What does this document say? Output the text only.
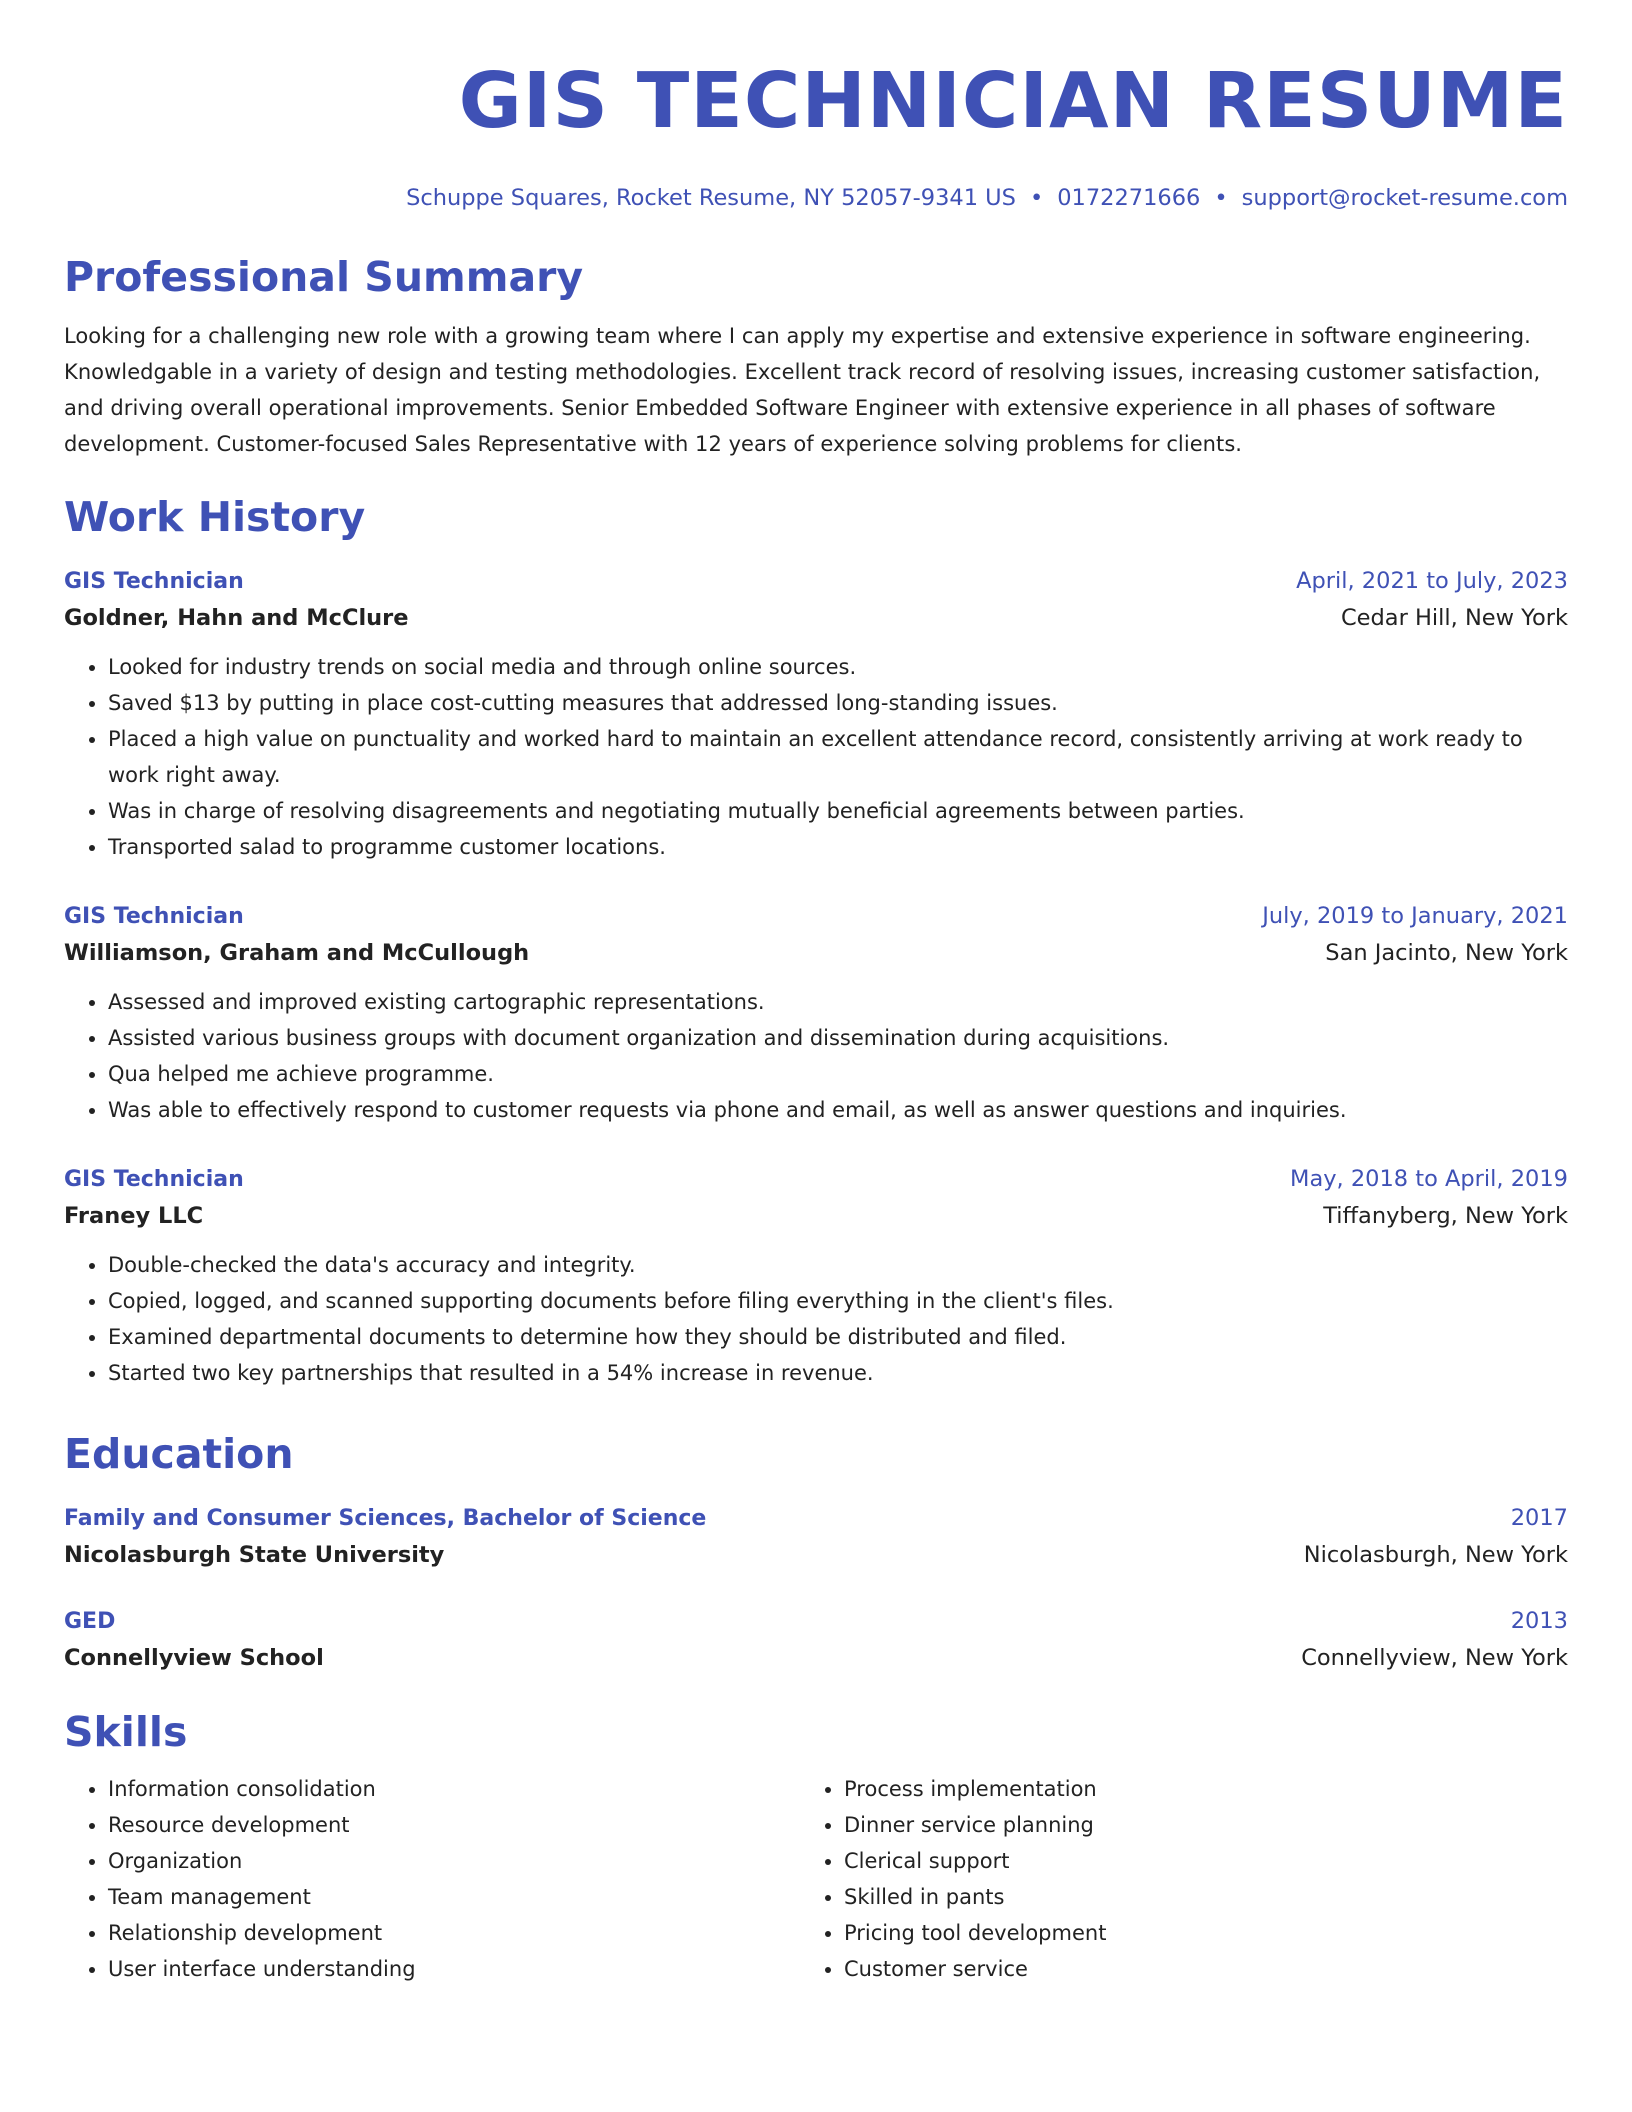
GIS TECHNICIAN RESUME
Schuppe Squares, Rocket Resume, NY 52057-9341 US • 0172271666 • support@rocket-resume.com
Professional Summary
Looking for a challenging new role with a growing team where I can apply my expertise and extensive experience in software engineering. Knowledgable in a variety of design and testing methodologies. Excellent track record of resolving issues, increasing customer satisfaction, and driving overall operational improvements. Senior Embedded Software Engineer with extensive experience in all phases of software development. Customer-focused Sales Representative with 12 years of experience solving problems for clients.
Work History
GIS Technician	April, 2021 to July, 2023
Goldner, Hahn and McClure	Cedar Hill, New York
• Looked for industry trends on social media and through online sources.
• Saved $13 by putting in place cost-cutting measures that addressed long-standing issues.
• Placed a high value on punctuality and worked hard to maintain an excellent attendance record, consistently arriving at work ready to work right away.
• Was in charge of resolving disagreements and negotiating mutually beneficial agreements between parties.
• Transported salad to programme customer locations.
GIS Technician	July, 2019 to January, 2021
Williamson, Graham and McCullough	San Jacinto, New York
• Assessed and improved existing cartographic representations.
• Assisted various business groups with document organization and dissemination during acquisitions.
• Qua helped me achieve programme.
• Was able to effectively respond to customer requests via phone and email, as well as answer questions and inquiries.
GIS Technician	May, 2018 to April, 2019
Franey LLC	Tiffanyberg, New York
• Double-checked the data's accuracy and integrity.
• Copied, logged, and scanned supporting documents before filing everything in the client's files.
• Examined departmental documents to determine how they should be distributed and filed.
• Started two key partnerships that resulted in a 54% increase in revenue.
Education
Family and Consumer Sciences, Bachelor of Science	2017
Nicolasburgh State University	Nicolasburgh, New York
GED	2013
Connellyview School	Connellyview, New York
Skills
• Information consolidation
• Resource development
• Organization
• Team management
• Relationship development
• User interface understanding
• Process implementation
• Dinner service planning
• Clerical support
• Skilled in pants
• Pricing tool development
• Customer service
